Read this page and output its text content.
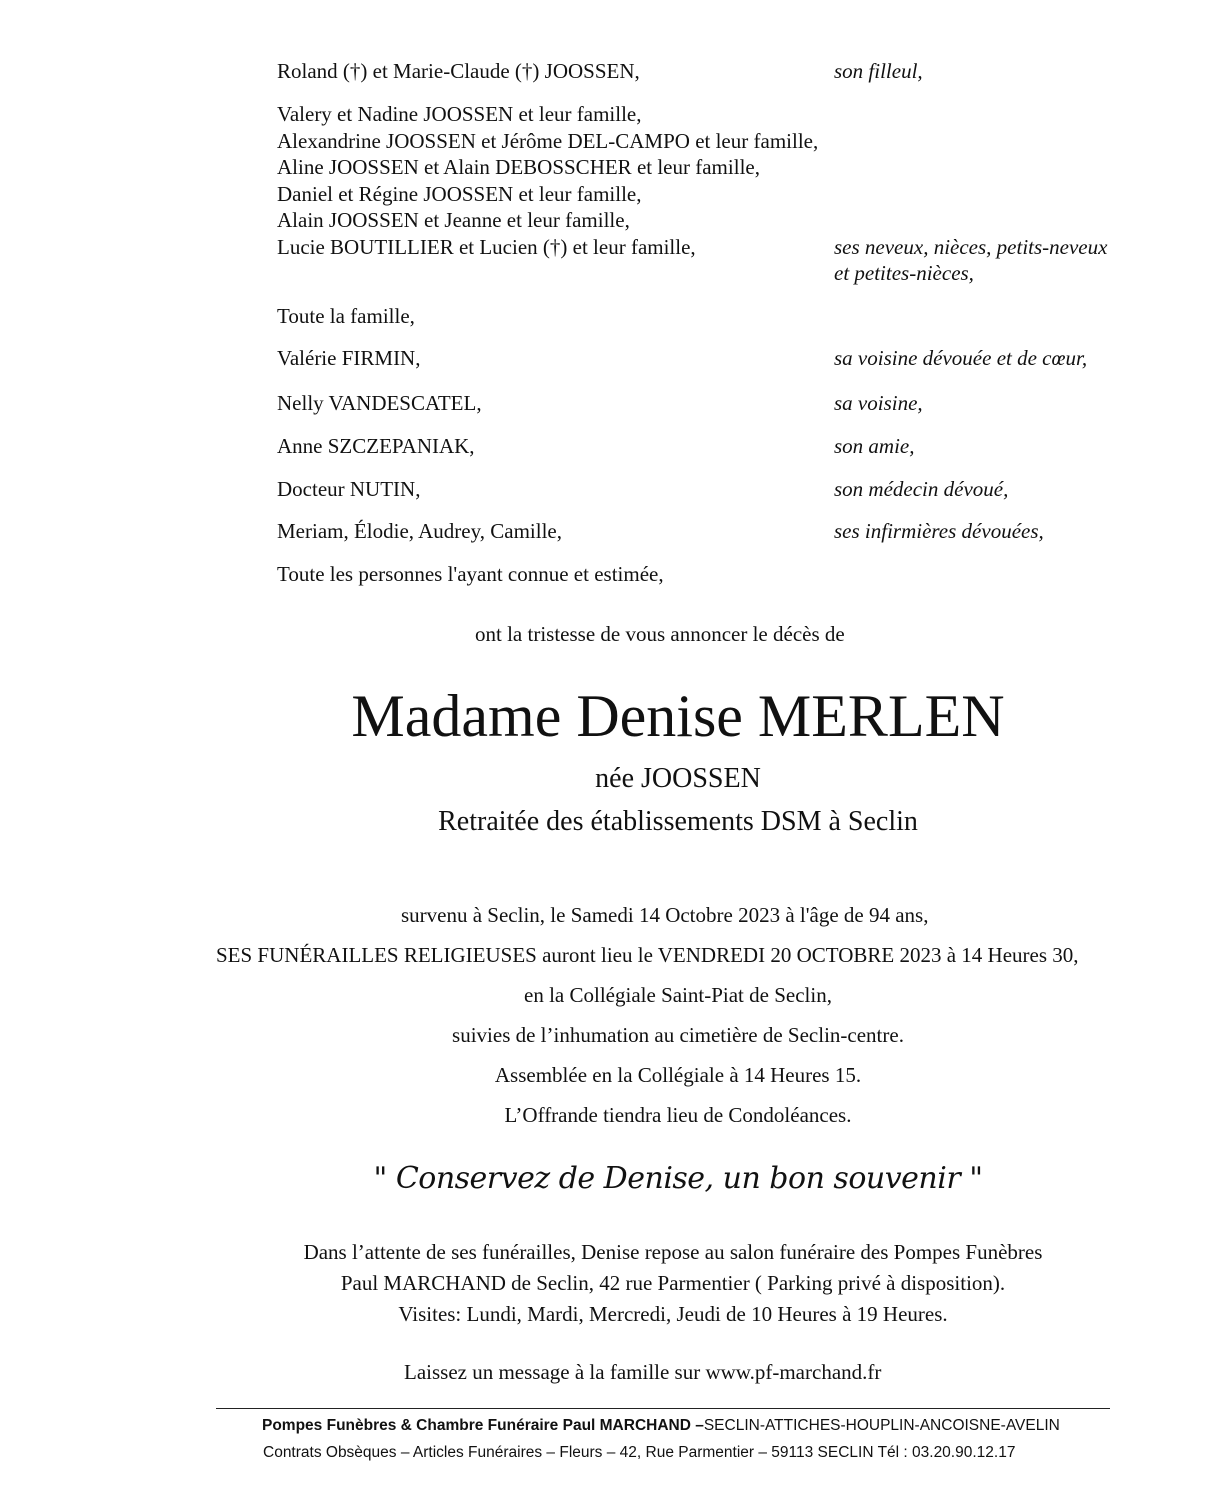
Roland (†) et Marie-Claude (†) JOOSSEN,	son filleul,
Valery et Nadine JOOSSEN et leur famille,
Alexandrine JOOSSEN et Jérôme DEL-CAMPO et leur famille,
Aline JOOSSEN et Alain DEBOSSCHER et leur famille,
Daniel et Régine JOOSSEN et leur famille,
Alain JOOSSEN et Jeanne et leur famille,
Lucie BOUTILLIER et Lucien (†) et leur famille,	ses neveux, nièces, petits-neveux
et petites-nièces,
Toute la famille,
Valérie FIRMIN,	sa voisine dévouée et de cœur,
Nelly VANDESCATEL,	sa voisine,
Anne SZCZEPANIAK,	son amie,
Docteur NUTIN,	son médecin dévoué,
Meriam, Élodie, Audrey, Camille,	ses infirmières dévouées,
Toute les personnes l'ayant connue et estimée,
ont la tristesse de vous annoncer le décès de
Madame Denise MERLEN
née JOOSSEN
Retraitée des établissements DSM à Seclin
survenu à Seclin, le Samedi 14 Octobre 2023 à l'âge de 94 ans,
SES FUNÉRAILLES RELIGIEUSES auront lieu le VENDREDI 20 OCTOBRE 2023 à 14 Heures 30,
en la Collégiale Saint-Piat de Seclin,
suivies de l’inhumation au cimetière de Seclin-centre.
Assemblée en la Collégiale à 14 Heures 15.
L’Offrande tiendra lieu de Condoléances.
" Conservez de Denise, un bon souvenir "
Dans l’attente de ses funérailles, Denise repose au salon funéraire des Pompes Funèbres
Paul MARCHAND de Seclin, 42 rue Parmentier ( Parking privé à disposition).
Visites: Lundi, Mardi, Mercredi, Jeudi de 10 Heures à 19 Heures.
Laissez un message à la famille sur www.pf-marchand.fr
Pompes Funèbres & Chambre Funéraire Paul MARCHAND –SECLIN-ATTICHES-HOUPLIN-ANCOISNE-AVELIN
Contrats Obsèques – Articles Funéraires – Fleurs – 42, Rue Parmentier – 59113 SECLIN Tél : 03.20.90.12.17
